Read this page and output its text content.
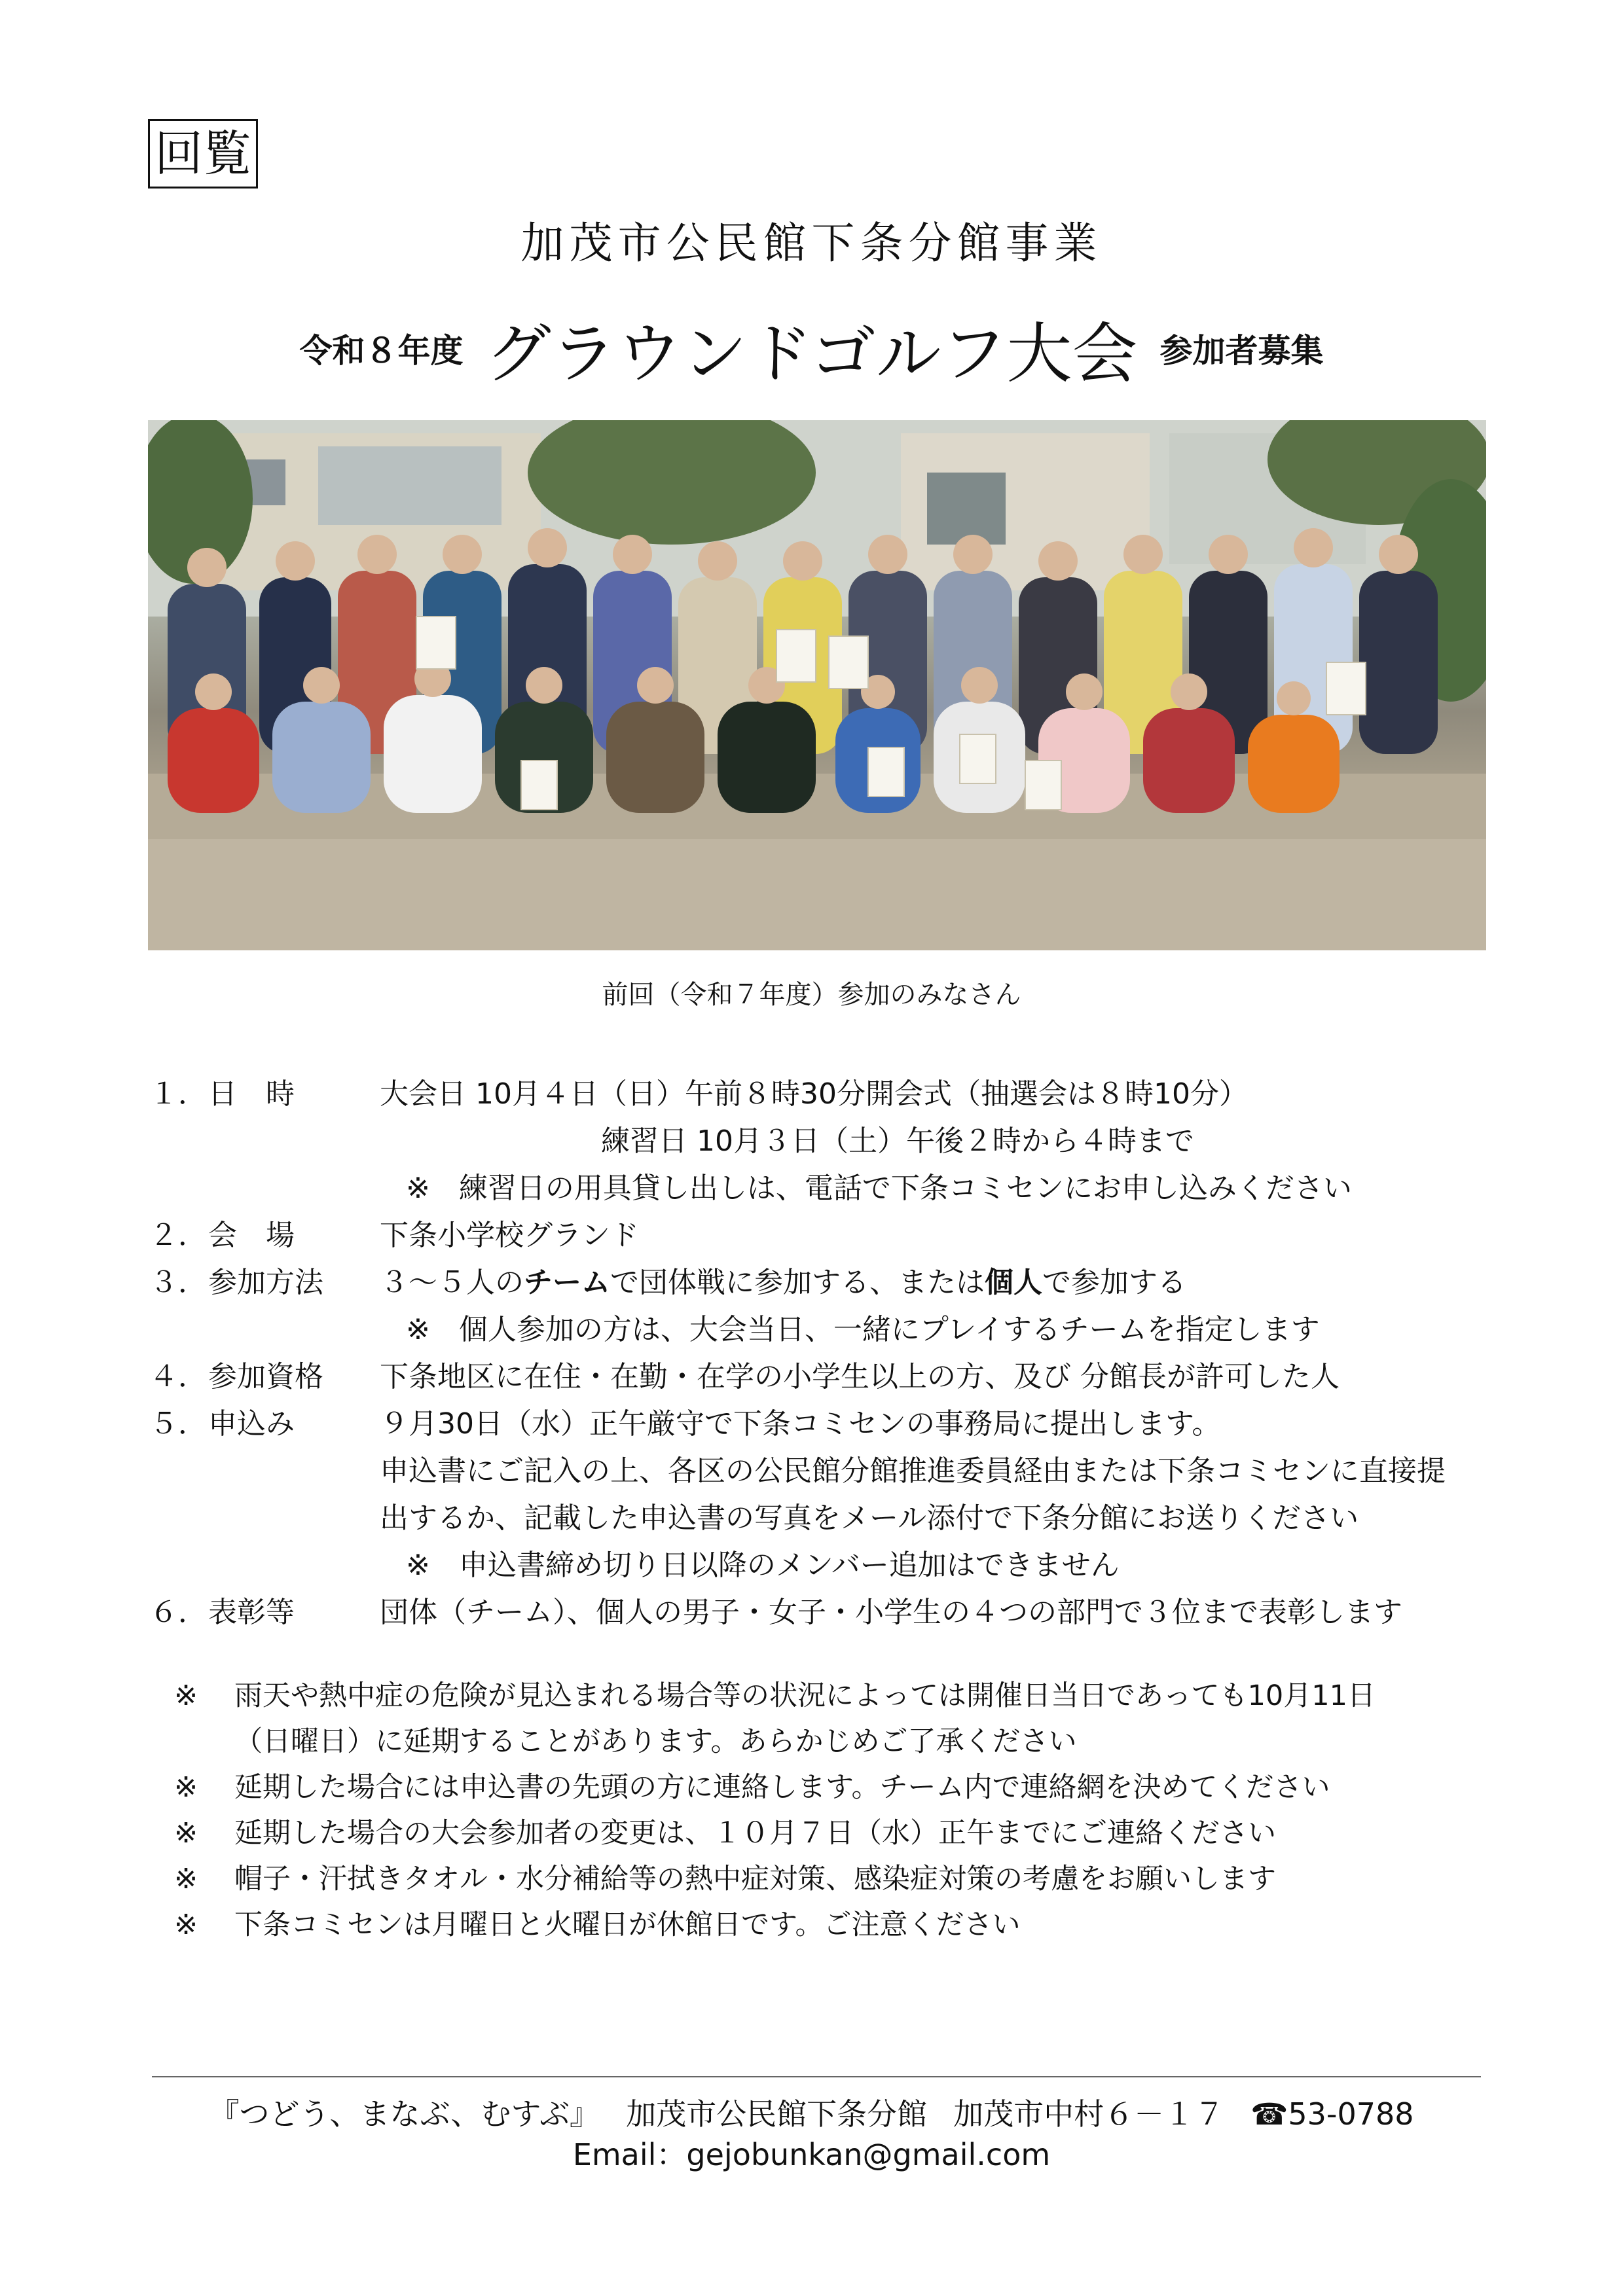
回覧
加茂市公民館下条分館事業
令和８年度 グラウンドゴルフ大会 参加者募集
前回（令和７年度）参加のみなさん
１． 日　時	大会日 10月４日（日）午前８時30分開会式（抽選会は８時10分）
練習日 10月３日（土）午後２時から４時まで
※　練習日の用具貸し出しは、電話で下条コミセンにお申し込みください
２． 会　場	下条小学校グランド
３． 参加方法 ３～５人のチームで団体戦に参加する、または個人で参加する
※　個人参加の方は、大会当日、一緒にプレイするチームを指定します
４． 参加資格 下条地区に在住・在勤・在学の小学生以上の方、及び 分館長が許可した人
５． 申込み	９月30日（水）正午厳守で下条コミセンの事務局に提出します。
申込書にご記入の上、各区の公民館分館推進委員経由または下条コミセンに直接提
出するか、記載した申込書の写真をメール添付で下条分館にお送りください
※　申込書締め切り日以降のメンバー追加はできません
６． 表彰等	団体（チーム）、個人の男子・女子・小学生の４つの部門で３位まで表彰します
※ 雨天や熱中症の危険が見込まれる場合等の状況によっては開催日当日であっても10月11日
（日曜日）に延期することがあります。あらかじめご了承ください
※ 延期した場合には申込書の先頭の方に連絡します。チーム内で連絡網を決めてください
※ 延期した場合の大会参加者の変更は、１０月７日（水）正午までにご連絡ください
※ 帽子・汗拭きタオル・水分補給等の熱中症対策、感染症対策の考慮をお願いします
※ 下条コミセンは月曜日と火曜日が休館日です。ご注意ください
『つどう、まなぶ、むすぶ』 加茂市公民館下条分館 加茂市中村６－１７ ☎53-0788
Email：gejobunkan@gmail.com
